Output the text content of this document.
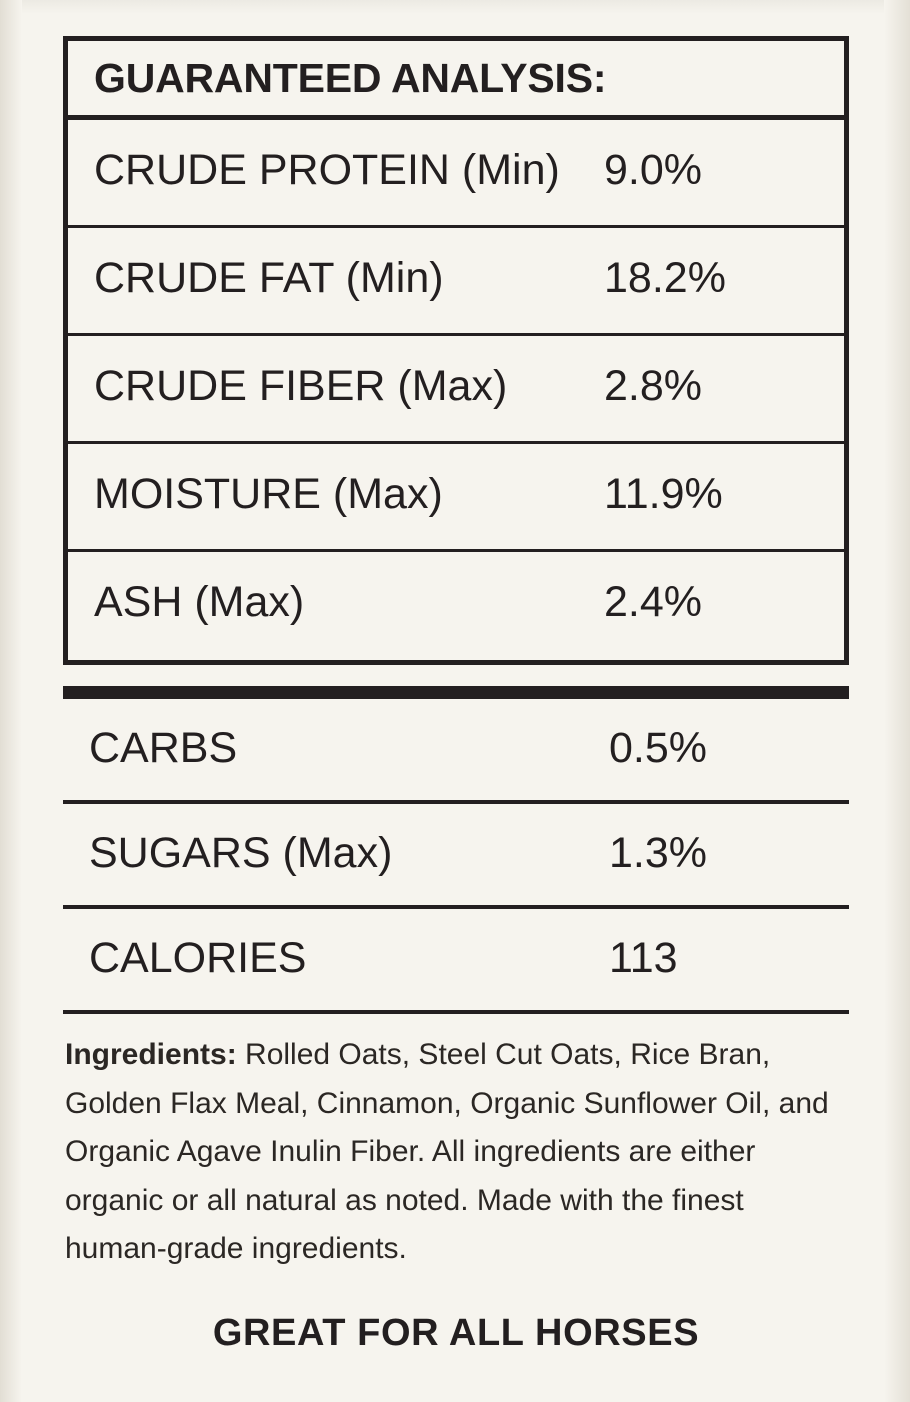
GUARANTEED ANALYSIS:
CRUDE PROTEIN (Min) 9.0%
CRUDE FAT (Min)	18.2%
CRUDE FIBER (Max) 2.8%
MOISTURE (Max)	11.9%
ASH (Max)	2.4%
CARBS	0.5%
SUGARS (Max)	1.3%
CALORIES	113

Ingredients: Rolled Oats, Steel Cut Oats, Rice Bran, Golden Flax Meal, Cinnamon, Organic Sunflower Oil, and Organic Agave Inulin Fiber. All ingredients are either organic or all natural as noted. Made with the finest human-grade ingredients.

GREAT FOR ALL HORSES
